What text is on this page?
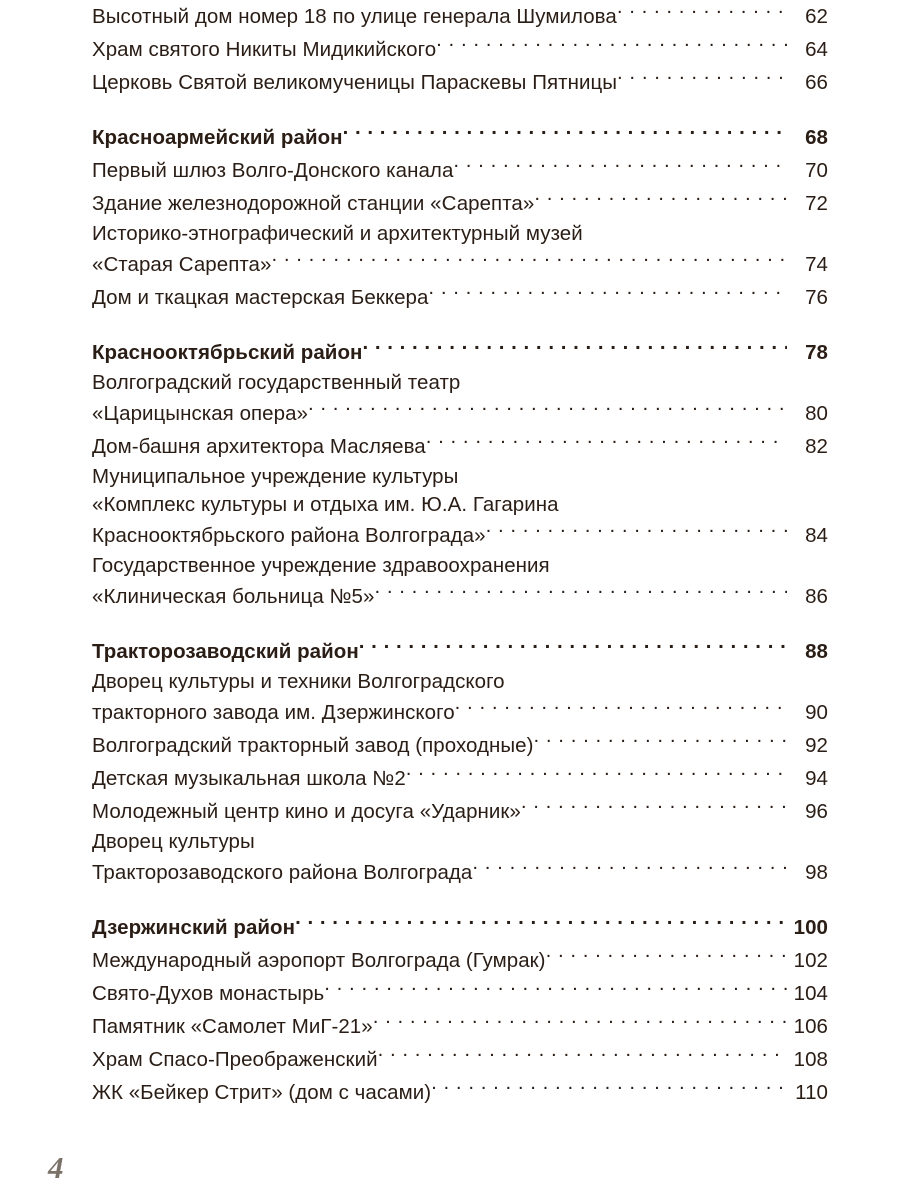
Высотный дом номер 18 по улице генерала Шумилова . . .	62
Храм святого Никиты Мидикийского . . .	64
Церковь Святой великомученицы Параскевы Пятницы . . .	66
Красноармейский район . . .	68
Первый шлюз Волго-Донского канала . . .	70
Здание железнодорожной станции «Сарепта» . . .	72
Историко-этнографический и архитектурный музей
«Старая Сарепта» . . .	74
Дом и ткацкая мастерская Беккера . . .	76
Краснооктябрьский район . . .	78
Волгоградский государственный театр
«Царицынская опера» . . .	80
Дом-башня архитектора Масляева . . .	82
Муниципальное учреждение культуры
«Комплекс культуры и отдыха им. Ю.А. Гагарина
Краснооктябрьского района Волгограда» . . .	84
Государственное учреждение здравоохранения
«Клиническая больница №5» . . .	86
Тракторозаводский район . . .	88
Дворец культуры и техники Волгоградского
тракторного завода им. Дзержинского . . .	90
Волгоградский тракторный завод (проходные) . . .	92
Детская музыкальная школа №2 . . .	94
Молодежный центр кино и досуга «Ударник» . . .	96
Дворец культуры
Тракторозаводского района Волгограда . . .	98
Дзержинский район . . .	100
Международный аэропорт Волгограда (Гумрак) . . .	102
Свято-Духов монастырь . . .	104
Памятник «Самолет МиГ-21» . . .	106
Храм Спасо-Преображенский . . .	108
ЖК «Бейкер Стрит» (дом с часами) . . .	110
4
